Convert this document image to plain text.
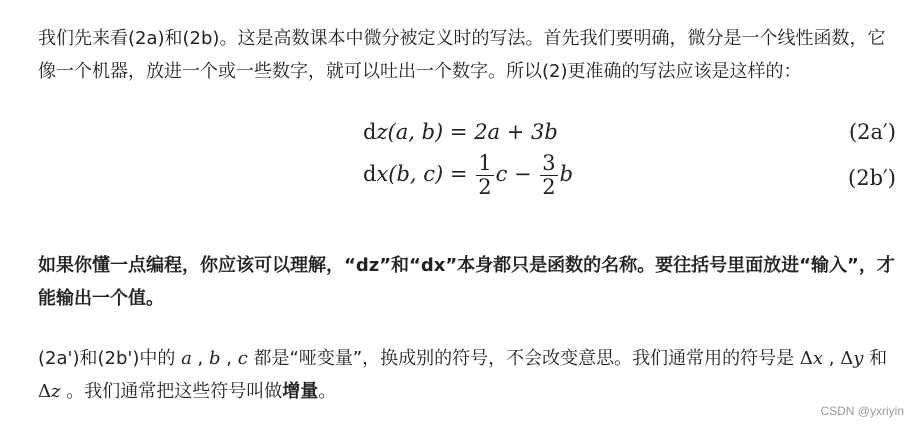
我们先来看(2a)和(2b)。这是高数课本中微分被定义时的写法。首先我们要明确，微分是一个线性函数，它像一个机器，放进一个或一些数字，就可以吐出一个数字。所以(2)更准确的写法应该是这样的：

dz(a, b) = 2a + 3b	(2a′)
dx(b, $c) = \frac{1}{2}$ $c - \frac{3}{2}$ b	(2b′)

如果你懂一点编程，你应该可以理解，“dz”和“dx”本身都只是函数的名称。要往括号里面放进“输入”，才能输出一个值。

(2a')和(2b')中的 a , b , c 都是“哑变量”，换成别的符号，不会改变意思。我们通常用的符号是 Δx , Δy 和 Δz 。我们通常把这些符号叫做增量。

CSDN @yxriyin
